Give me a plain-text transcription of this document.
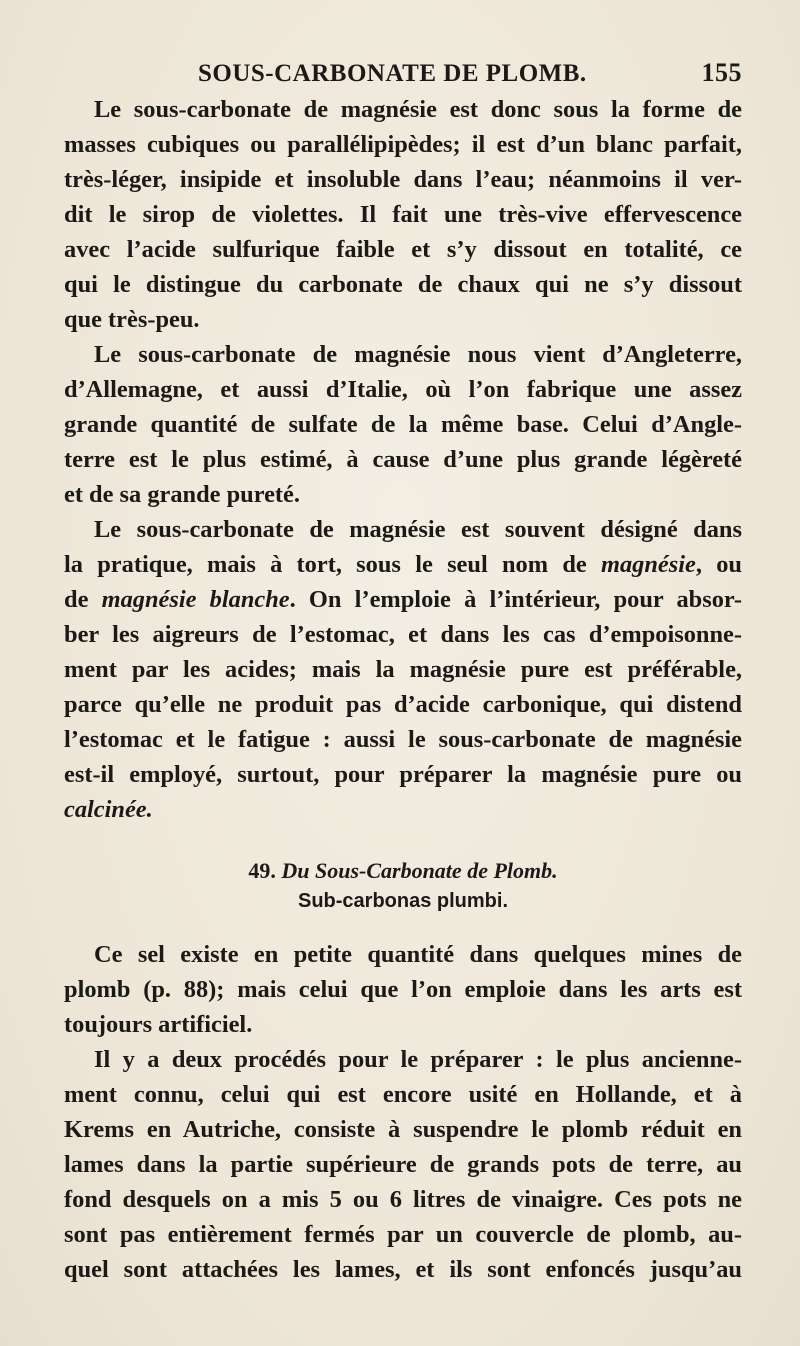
SOUS-CARBONATE DE PLOMB.	155

Le sous-carbonate de magnésie est donc sous la forme de
masses cubiques ou parallélipipèdes; il est d’un blanc parfait,
très-léger, insipide et insoluble dans l’eau; néanmoins il ver-
dit le sirop de violettes. Il fait une très-vive effervescence
avec l’acide sulfurique faible et s’y dissout en totalité, ce
qui le distingue du carbonate de chaux qui ne s’y dissout
que très-peu.

Le sous-carbonate de magnésie nous vient d’Angleterre,
d’Allemagne, et aussi d’Italie, où l’on fabrique une assez
grande quantité de sulfate de la même base. Celui d’Angle-
terre est le plus estimé, à cause d’une plus grande légèreté
et de sa grande pureté.

Le sous-carbonate de magnésie est souvent désigné dans
la pratique, mais à tort, sous le seul nom de magnésie, ou
de magnésie blanche. On l’emploie à l’intérieur, pour absor-
ber les aigreurs de l’estomac, et dans les cas d’empoisonne-
ment par les acides; mais la magnésie pure est préférable,
parce qu’elle ne produit pas d’acide carbonique, qui distend
l’estomac et le fatigue : aussi le sous-carbonate de magnésie
est-il employé, surtout, pour préparer la magnésie pure ou
calcinée.

49. Du Sous-Carbonate de Plomb.
Sub-carbonas plumbi.

Ce sel existe en petite quantité dans quelques mines de
plomb (p. 88); mais celui que l’on emploie dans les arts est
toujours artificiel.

Il y a deux procédés pour le préparer : le plus ancienne-
ment connu, celui qui est encore usité en Hollande, et à
Krems en Autriche, consiste à suspendre le plomb réduit en
lames dans la partie supérieure de grands pots de terre, au
fond desquels on a mis 5 ou 6 litres de vinaigre. Ces pots ne
sont pas entièrement fermés par un couvercle de plomb, au-
quel sont attachées les lames, et ils sont enfoncés jusqu’au
